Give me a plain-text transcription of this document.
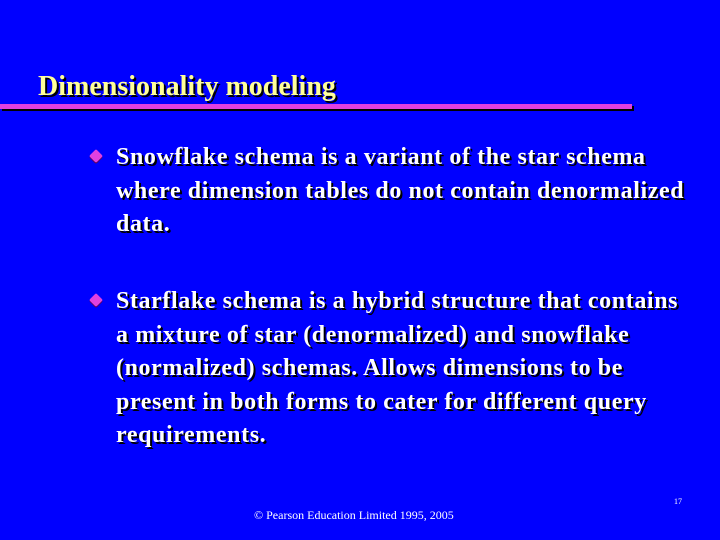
Dimensionality modeling
Snowflake schema is a variant of the star schema where dimension tables do not contain denormalized data.
Starflake schema is a hybrid structure that contains a mixture of star (denormalized) and snowflake (normalized) schemas. Allows dimensions to be present in both forms to cater for different query requirements.
© Pearson Education Limited 1995, 2005
17
